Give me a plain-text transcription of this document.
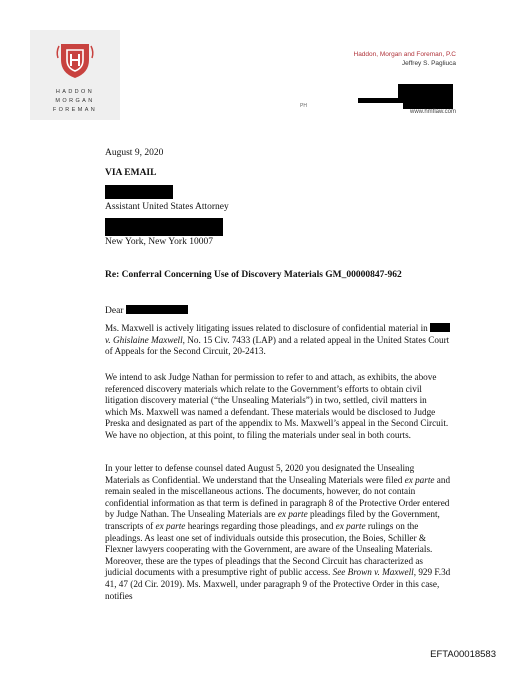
HADDON
MORGAN
FOREMAN
Haddon, Morgan and Foreman, P.C
Jeffrey S. Pagliuca
PH
www.hmflaw.com
August 9, 2020
VIA EMAIL
Assistant United States Attorney
New York, New York 10007
Re: Conferral Concerning Use of Discovery Materials GM_00000847-962
Dear
Ms. Maxwell is actively litigating issues related to disclosure of confidential material in  v. Ghislaine Maxwell, No. 15 Civ. 7433 (LAP) and a related appeal in the United States Court of Appeals for the Second Circuit, 20-2413.
We intend to ask Judge Nathan for permission to refer to and attach, as exhibits, the above referenced discovery materials which relate to the Government’s efforts to obtain civil litigation discovery material (“the Unsealing Materials”) in two, settled, civil matters in which Ms. Maxwell was named a defendant. These materials would be disclosed to Judge Preska and designated as part of the appendix to Ms. Maxwell’s appeal in the Second Circuit. We have no objection, at this point, to filing the materials under seal in both courts.
In your letter to defense counsel dated August 5, 2020 you designated the Unsealing Materials as Confidential. We understand that the Unsealing Materials were filed ex parte and remain sealed in the miscellaneous actions. The documents, however, do not contain confidential information as that term is defined in paragraph 8 of the Protective Order entered by Judge Nathan. The Unsealing Materials are ex parte pleadings filed by the Government, transcripts of ex parte hearings regarding those pleadings, and ex parte rulings on the pleadings. As least one set of individuals outside this prosecution, the Boies, Schiller & Flexner lawyers cooperating with the Government, are aware of the Unsealing Materials. Moreover, these are the types of pleadings that the Second Circuit has characterized as judicial documents with a presumptive right of public access. See Brown v. Maxwell, 929 F.3d 41, 47 (2d Cir. 2019). Ms. Maxwell, under paragraph 9 of the Protective Order in this case, notifies
EFTA00018583
